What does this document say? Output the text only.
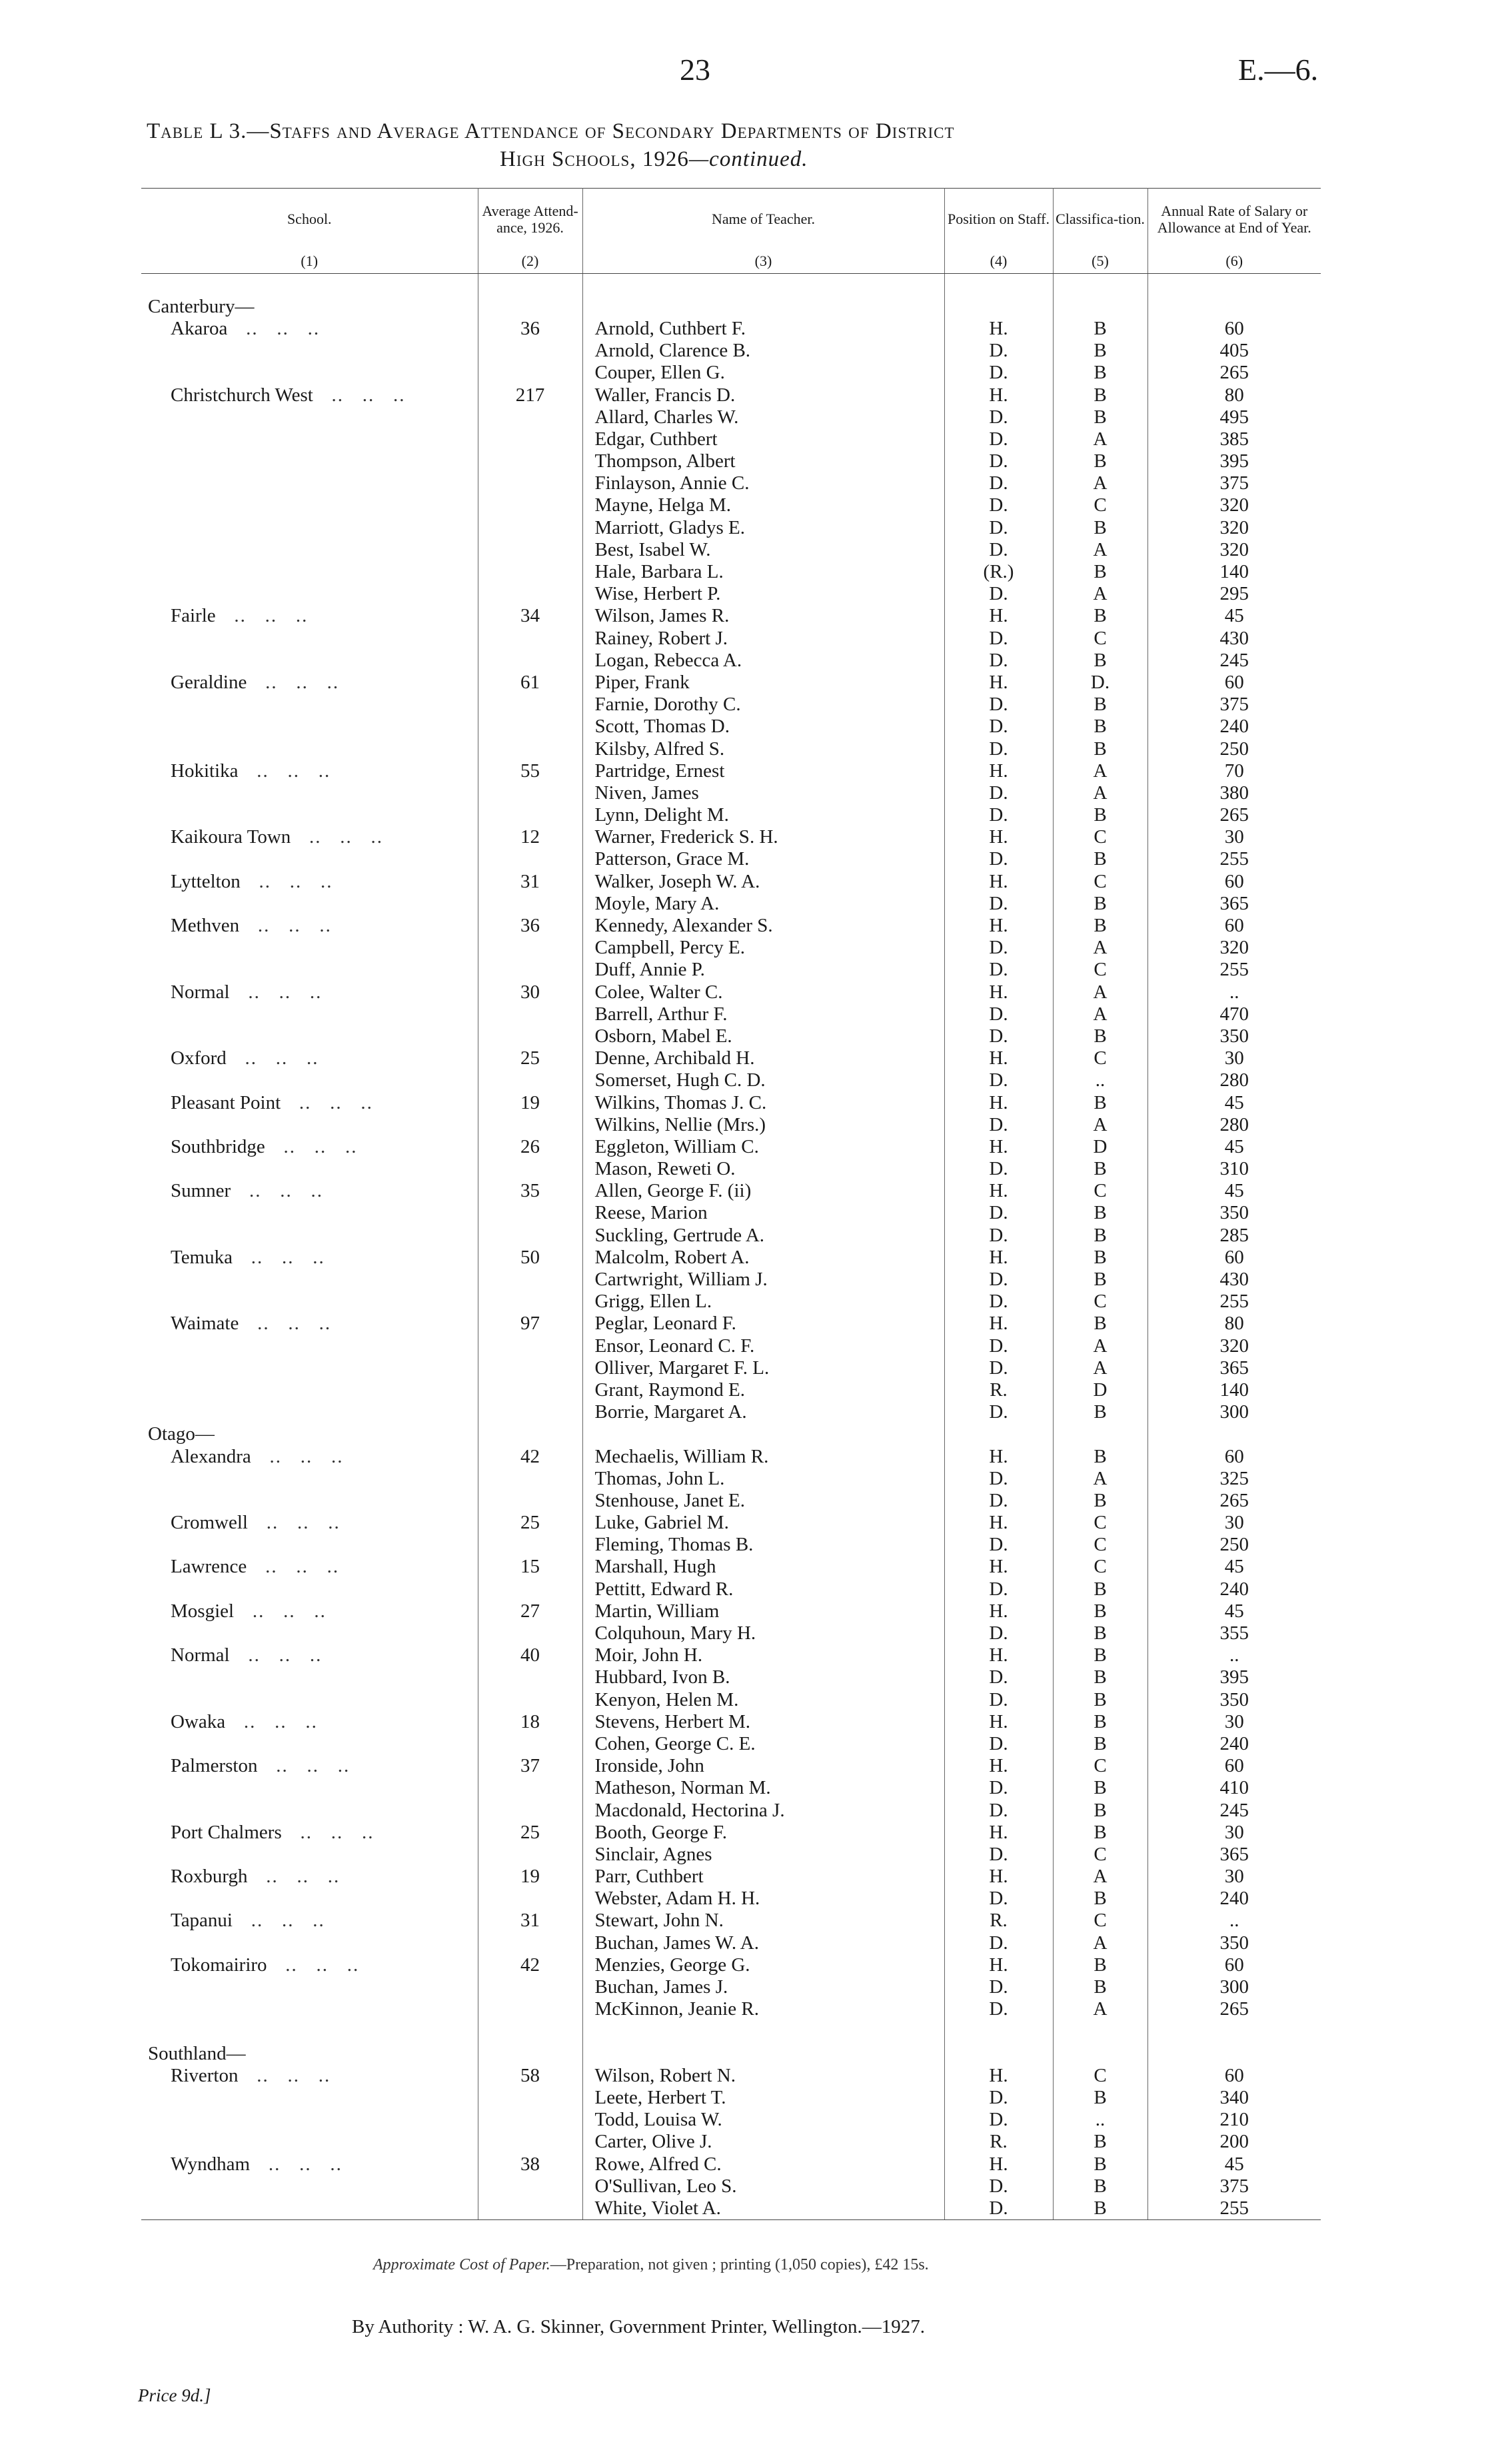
23	E.—6.
Table L 3.—Staffs and Average Attendance of Secondary Departments of District
High Schools, 1926—continued.
School.	Average Attend-ance, 1926.	Name of Teacher.	Position on Staff.	Classifica-tion.	Annual Rate of Salary or Allowance at End of Year.
(1)	(2)	(3)	(4)	(5)	(6)

Canterbury—					
Akaroa   ..   ..   ..	36	Arnold, Cuthbert F.	H.	B	60
		Arnold, Clarence B.	D.	B	405
		Couper, Ellen G.	D.	B	265
Christchurch West   ..   ..   ..	217	Waller, Francis D.	H.	B	80
		Allard, Charles W.	D.	B	495
		Edgar, Cuthbert	D.	A	385
		Thompson, Albert	D.	B	395
		Finlayson, Annie C.	D.	A	375
		Mayne, Helga M.	D.	C	320
		Marriott, Gladys E.	D.	B	320
		Best, Isabel W.	D.	A	320
		Hale, Barbara L.	(R.)	B	140
		Wise, Herbert P.	D.	A	295
Fairle   ..   ..   ..	34	Wilson, James R.	H.	B	45
		Rainey, Robert J.	D.	C	430
		Logan, Rebecca A.	D.	B	245
Geraldine   ..   ..   ..	61	Piper, Frank	H.	D.	60
		Farnie, Dorothy C.	D.	B	375
		Scott, Thomas D.	D.	B	240
		Kilsby, Alfred S.	D.	B	250
Hokitika   ..   ..   ..	55	Partridge, Ernest	H.	A	70
		Niven, James	D.	A	380
		Lynn, Delight M.	D.	B	265
Kaikoura Town   ..   ..   ..	12	Warner, Frederick S. H.	H.	C	30
		Patterson, Grace M.	D.	B	255
Lyttelton   ..   ..   ..	31	Walker, Joseph W. A.	H.	C	60
		Moyle, Mary A.	D.	B	365
Methven   ..   ..   ..	36	Kennedy, Alexander S.	H.	B	60
		Campbell, Percy E.	D.	A	320
		Duff, Annie P.	D.	C	255
Normal   ..   ..   ..	30	Colee, Walter C.	H.	A	..
		Barrell, Arthur F.	D.	A	470
		Osborn, Mabel E.	D.	B	350
Oxford   ..   ..   ..	25	Denne, Archibald H.	H.	C	30
		Somerset, Hugh C. D.	D.	..	280
Pleasant Point   ..   ..   ..	19	Wilkins, Thomas J. C.	H.	B	45
		Wilkins, Nellie (Mrs.)	D.	A	280
Southbridge   ..   ..   ..	26	Eggleton, William C.	H.	D	45
		Mason, Reweti O.	D.	B	310
Sumner   ..   ..   ..	35	Allen, George F. (ii)	H.	C	45
		Reese, Marion	D.	B	350
		Suckling, Gertrude A.	D.	B	285
Temuka   ..   ..   ..	50	Malcolm, Robert A.	H.	B	60
		Cartwright, William J.	D.	B	430
		Grigg, Ellen L.	D.	C	255
Waimate   ..   ..   ..	97	Peglar, Leonard F.	H.	B	80
		Ensor, Leonard C. F.	D.	A	320
		Olliver, Margaret F. L.	D.	A	365
		Grant, Raymond E.	R.	D	140
		Borrie, Margaret A.	D.	B	300
Otago—					
Alexandra   ..   ..   ..	42	Mechaelis, William R.	H.	B	60
		Thomas, John L.	D.	A	325
		Stenhouse, Janet E.	D.	B	265
Cromwell   ..   ..   ..	25	Luke, Gabriel M.	H.	C	30
		Fleming, Thomas B.	D.	C	250
Lawrence   ..   ..   ..	15	Marshall, Hugh	H.	C	45
		Pettitt, Edward R.	D.	B	240
Mosgiel   ..   ..   ..	27	Martin, William	H.	B	45
		Colquhoun, Mary H.	D.	B	355
Normal   ..   ..   ..	40	Moir, John H.	H.	B	..
		Hubbard, Ivon B.	D.	B	395
		Kenyon, Helen M.	D.	B	350
Owaka   ..   ..   ..	18	Stevens, Herbert M.	H.	B	30
		Cohen, George C. E.	D.	B	240
Palmerston   ..   ..   ..	37	Ironside, John	H.	C	60
		Matheson, Norman M.	D.	B	410
		Macdonald, Hectorina J.	D.	B	245
Port Chalmers   ..   ..   ..	25	Booth, George F.	H.	B	30
		Sinclair, Agnes	D.	C	365
Roxburgh   ..   ..   ..	19	Parr, Cuthbert	H.	A	30
		Webster, Adam H. H.	D.	B	240
Tapanui   ..   ..   ..	31	Stewart, John N.	R.	C	..
		Buchan, James W. A.	D.	A	350
Tokomairiro   ..   ..   ..	42	Menzies, George G.	H.	B	60
		Buchan, James J.	D.	B	300
		McKinnon, Jeanie R.	D.	A	265

Southland—					
Riverton   ..   ..   ..	58	Wilson, Robert N.	H.	C	60
		Leete, Herbert T.	D.	B	340
		Todd, Louisa W.	D.	..	210
		Carter, Olive J.	R.	B	200
Wyndham   ..   ..   ..	38	Rowe, Alfred C.	H.	B	45
		O'Sullivan, Leo S.	D.	B	375
		White, Violet A.	D.	B	255
Approximate Cost of Paper.—Preparation, not given ; printing (1,050 copies), £42 15s.
By Authority : W. A. G. Skinner, Government Printer, Wellington.—1927.
Price 9d.]
